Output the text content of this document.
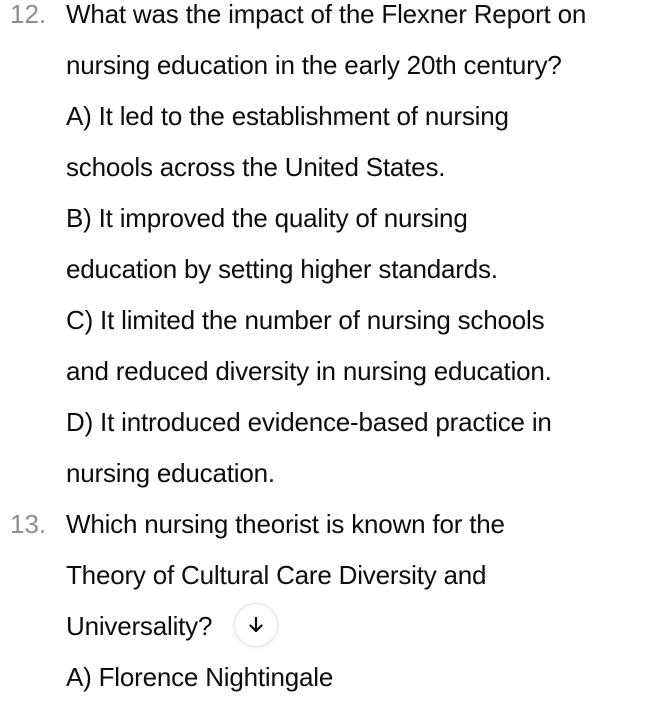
12. What was the impact of the Flexner Report on
nursing education in the early 20th century?
A) It led to the establishment of nursing
schools across the United States.
B) It improved the quality of nursing
education by setting higher standards.
C) It limited the number of nursing schools
and reduced diversity in nursing education.
D) It introduced evidence-based practice in
nursing education.
13. Which nursing theorist is known for the
Theory of Cultural Care Diversity and
Universality?
A) Florence Nightingale
